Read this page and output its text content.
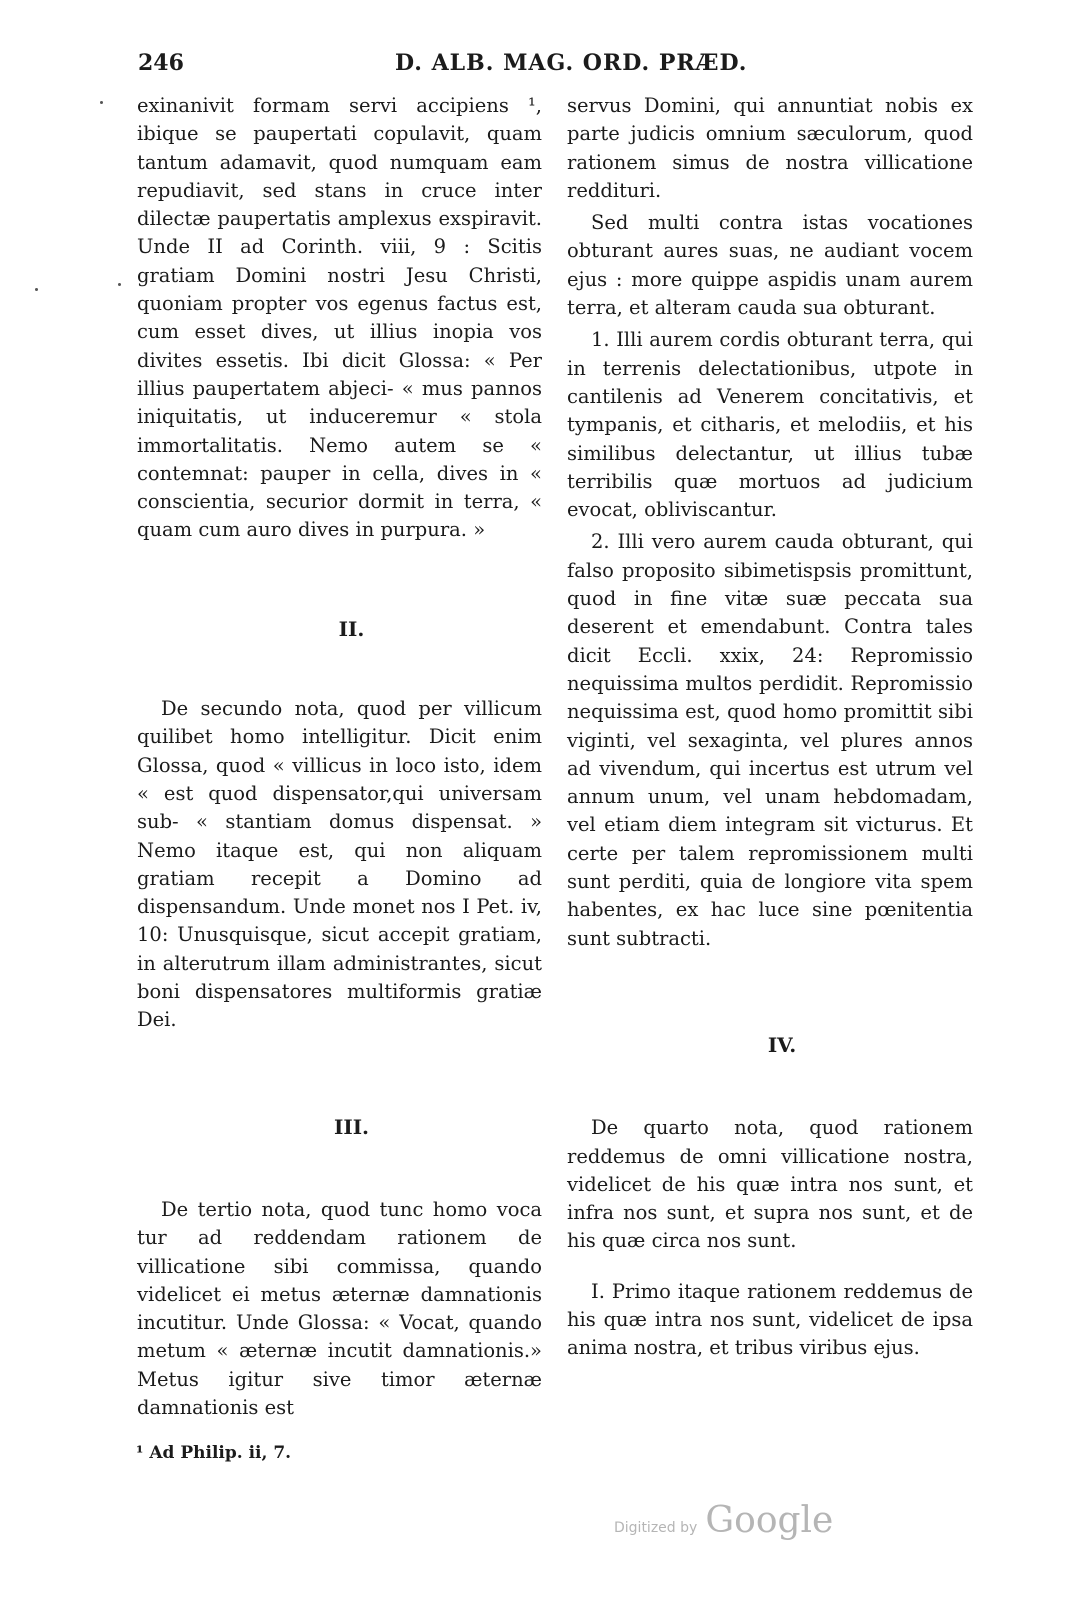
246	D. ALB. MAG. ORD. PRÆD.

exinanivit formam servi accipiens ¹, ibique se paupertati copulavit, quam tantum adamavit, quod numquam eam repudiavit, sed stans in cruce inter dilectæ paupertatis amplexus exspiravit. Unde II ad Corinth. viii, 9 : Scitis gratiam Domini nostri Jesu Christi, quoniam propter vos egenus factus est, cum esset dives, ut illius inopia vos divites essetis. Ibi dicit Glossa: « Per illius paupertatem abjeci- « mus pannos iniquitatis, ut induceremur « stola immortalitatis. Nemo autem se « contemnat: pauper in cella, dives in « conscientia, securior dormit in terra, « quam cum auro dives in purpura. »

II.

De secundo nota, quod per villicum quilibet homo intelligitur. Dicit enim Glossa, quod « villicus in loco isto, idem « est quod dispensator,qui universam sub- « stantiam domus dispensat. » Nemo itaque est, qui non aliquam gratiam recepit a Domino ad dispensandum. Unde monet nos I Pet. iv, 10: Unusquisque, sicut accepit gratiam, in alterutrum illam administrantes, sicut boni dispensatores multiformis gratiæ Dei.

III.

De tertio nota, quod tunc homo voca tur ad reddendam rationem de villicatione sibi commissa, quando videlicet ei metus æternæ damnationis incutitur. Unde Glossa: « Vocat, quando metum « æternæ incutit damnationis.» Metus igitur sive timor æternæ damnationis est

servus Domini, qui annuntiat nobis ex parte judicis omnium sæculorum, quod rationem simus de nostra villicatione reddituri.

Sed multi contra istas vocationes obturant aures suas, ne audiant vocem ejus : more quippe aspidis unam aurem terra, et alteram cauda sua obturant.

1. Illi aurem cordis obturant terra, qui in terrenis delectationibus, utpote in cantilenis ad Venerem concitativis, et tympanis, et citharis, et melodiis, et his similibus delectantur, ut illius tubæ terribilis quæ mortuos ad judicium evocat, obliviscantur.

2. Illi vero aurem cauda obturant, qui falso proposito sibimetispsis promittunt, quod in fine vitæ suæ peccata sua deserent et emendabunt. Contra tales dicit Eccli. xxix, 24: Repromissio nequissima multos perdidit. Repromissio nequissima est, quod homo promittit sibi viginti, vel sexaginta, vel plures annos ad vivendum, qui incertus est utrum vel annum unum, vel unam hebdomadam, vel etiam diem integram sit victurus. Et certe per talem repromissionem multi sunt perditi, quia de longiore vita spem habentes, ex hac luce sine pœnitentia sunt subtracti.

IV.

De quarto nota, quod rationem reddemus de omni villicatione nostra, videlicet de his quæ intra nos sunt, et infra nos sunt, et supra nos sunt, et de his quæ circa nos sunt.

I. Primo itaque rationem reddemus de his quæ intra nos sunt, videlicet de ipsa anima nostra, et tribus viribus ejus.

¹ Ad Philip. ii, 7.
Digitized by Google
